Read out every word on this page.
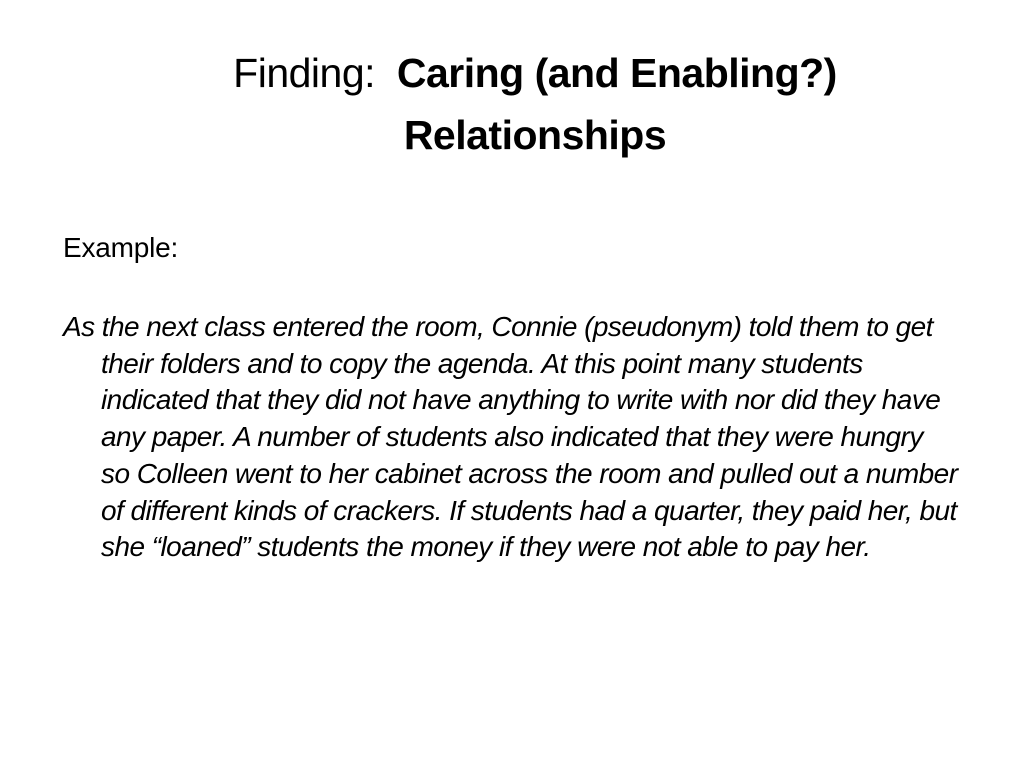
Finding: Caring (and Enabling?)
Relationships
Example:
As the next class entered the room, Connie (pseudonym) told them to get their folders and to copy the agenda. At this point many students indicated that they did not have anything to write with nor did they have any paper. A number of students also indicated that they were hungry so Colleen went to her cabinet across the room and pulled out a number of different kinds of crackers. If students had a quarter, they paid her, but she “loaned” students the money if they were not able to pay her.
